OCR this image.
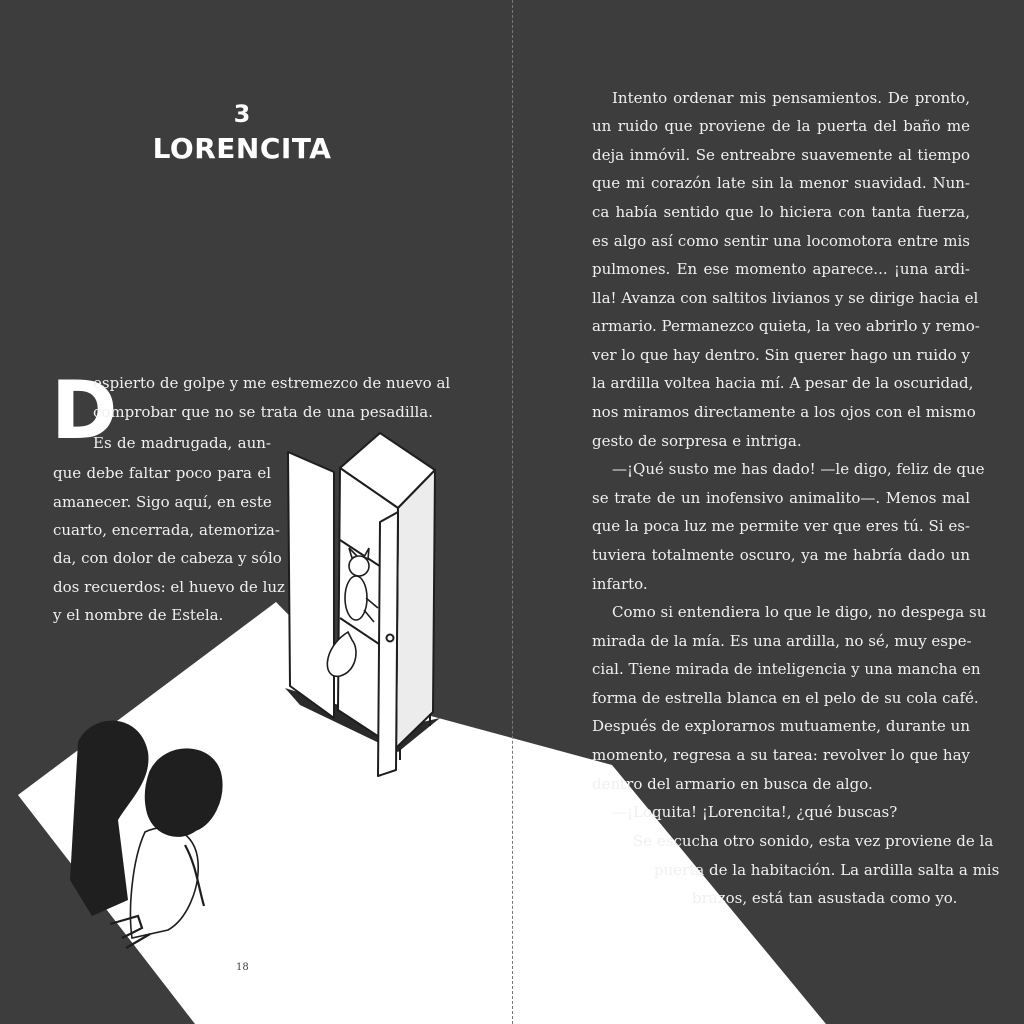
3
LORENCITA
D

espierto de golpe y me estremezco de nuevo al

comprobar que no se trata de una pesadilla.

Es de madrugada, aun-

que debe faltar poco para el

amanecer. Sigo aquí, en este

cuarto, encerrada, atemoriza-

da, con dolor de cabeza y sólo

dos recuerdos: el huevo de luz

y el nombre de Estela.

18

Intento ordenar mis pensamientos. De pronto,

un ruido que proviene de la puerta del baño me

deja inmóvil. Se entreabre suavemente al tiempo

que mi corazón late sin la menor suavidad. Nun-

ca había sentido que lo hiciera con tanta fuerza,

es algo así como sentir una locomotora entre mis

pulmones. En ese momento aparece... ¡una ardi-

lla! Avanza con saltitos livianos y se dirige hacia el

armario. Permanezco quieta, la veo abrirlo y remo-

ver lo que hay dentro. Sin querer hago un ruido y

la ardilla voltea hacia mí. A pesar de la oscuridad,

nos miramos directamente a los ojos con el mismo

gesto de sorpresa e intriga.

—¡Qué susto me has dado! —le digo, feliz de que

se trate de un inofensivo animalito—. Menos mal

que la poca luz me permite ver que eres tú. Si es-

tuviera totalmente oscuro, ya me habría dado un

infarto.

Como si entendiera lo que le digo, no despega su

mirada de la mía. Es una ardilla, no sé, muy espe-

cial. Tiene mirada de inteligencia y una mancha en

forma de estrella blanca en el pelo de su cola café.

Después de explorarnos mutuamente, durante un

momento, regresa a su tarea: revolver lo que hay

dentro del armario en busca de algo.

—¡Loquita! ¡Lorencita!, ¿qué buscas?

Se escucha otro sonido, esta vez proviene de la

puerta de la habitación. La ardilla salta a mis

brazos, está tan asustada como yo.
